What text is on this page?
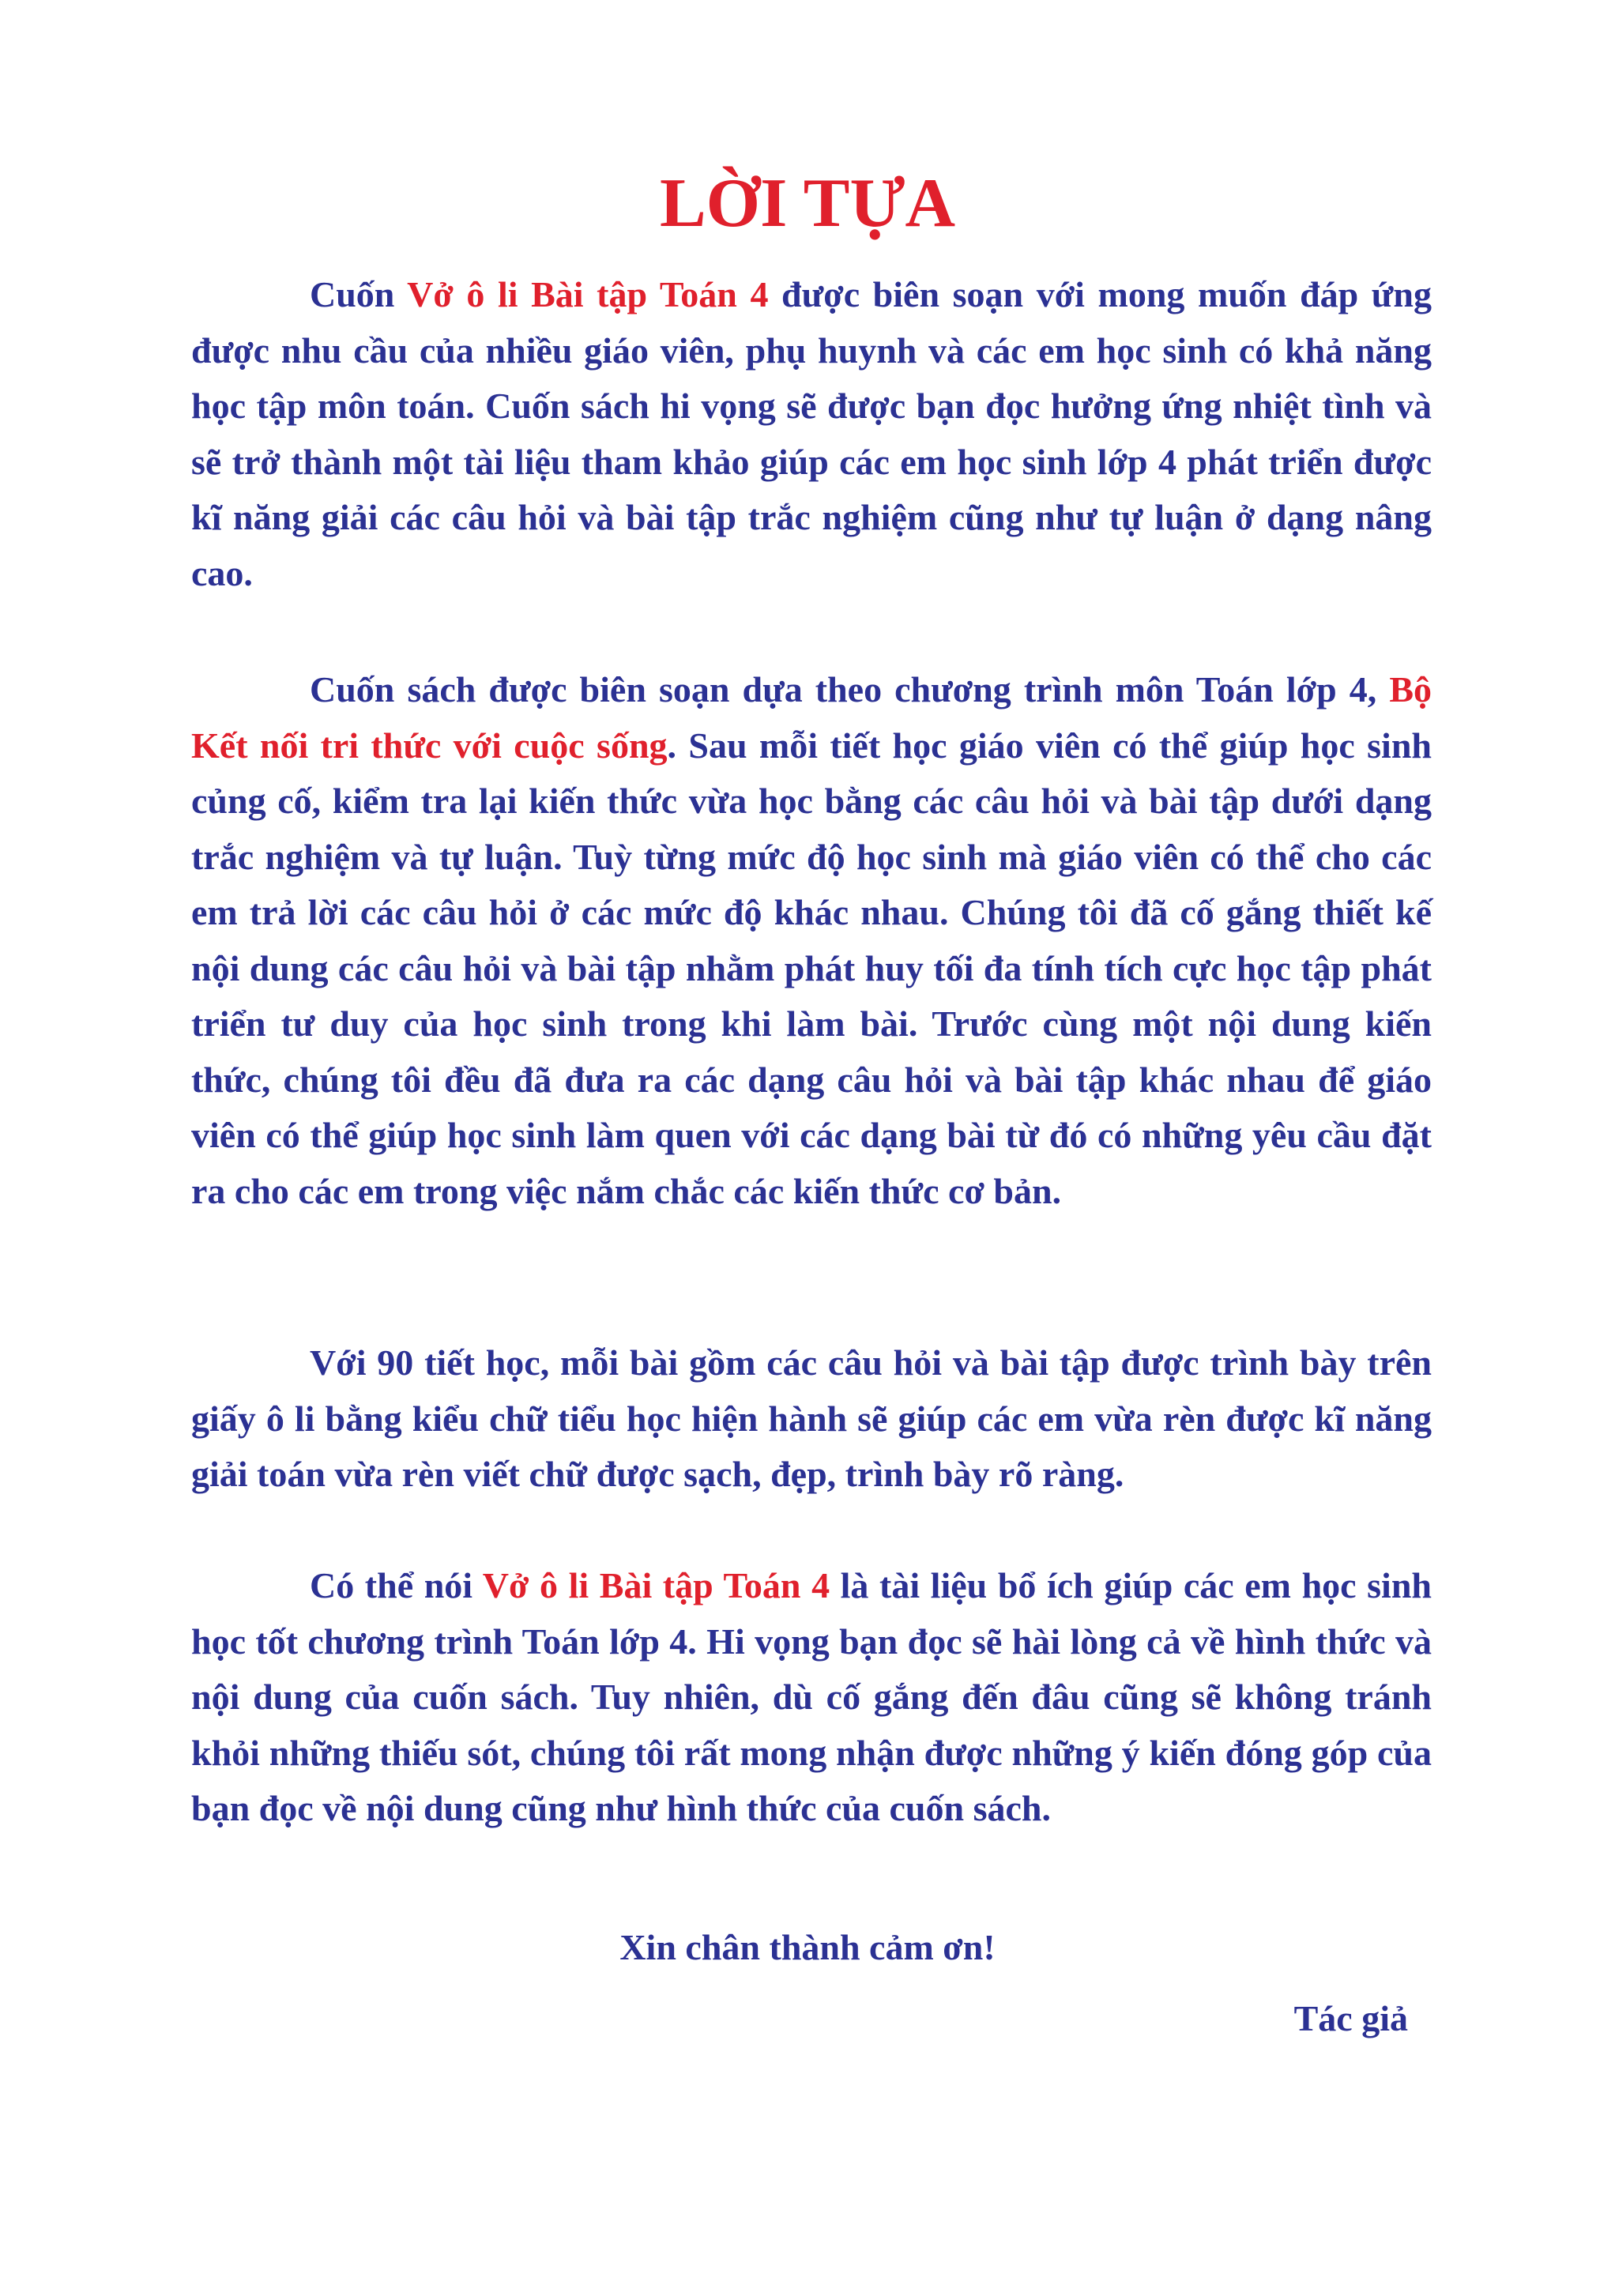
LỜI TỰA

Cuốn Vở ô li Bài tập Toán 4 được biên soạn với mong muốn đáp ứng được nhu cầu của nhiều giáo viên, phụ huynh và các em học sinh có khả năng học tập môn toán. Cuốn sách hi vọng sẽ được bạn đọc hưởng ứng nhiệt tình và sẽ trở thành một tài liệu tham khảo giúp các em học sinh lớp 4 phát triển được kĩ năng giải các câu hỏi và bài tập trắc nghiệm cũng như tự luận ở dạng nâng cao.

Cuốn sách được biên soạn dựa theo chương trình môn Toán lớp 4, Bộ Kết nối tri thức với cuộc sống. Sau mỗi tiết học giáo viên có thể giúp học sinh củng cố, kiểm tra lại kiến thức vừa học bằng các câu hỏi và bài tập dưới dạng trắc nghiệm và tự luận. Tuỳ từng mức độ học sinh mà giáo viên có thể cho các em trả lời các câu hỏi ở các mức độ khác nhau. Chúng tôi đã cố gắng thiết kế nội dung các câu hỏi và bài tập nhằm phát huy tối đa tính tích cực học tập phát triển tư duy của học sinh trong khi làm bài. Trước cùng một nội dung kiến thức, chúng tôi đều đã đưa ra các dạng câu hỏi và bài tập khác nhau để giáo viên có thể giúp học sinh làm quen với các dạng bài từ đó có những yêu cầu đặt ra cho các em trong việc nắm chắc các kiến thức cơ bản.

Với 90 tiết học, mỗi bài gồm các câu hỏi và bài tập được trình bày trên giấy ô li bằng kiểu chữ tiểu học hiện hành sẽ giúp các em vừa rèn được kĩ năng giải toán vừa rèn viết chữ được sạch, đẹp, trình bày rõ ràng.

Có thể nói Vở ô li Bài tập Toán 4 là tài liệu bổ ích giúp các em học sinh học tốt chương trình Toán lớp 4. Hi vọng bạn đọc sẽ hài lòng cả về hình thức và nội dung của cuốn sách. Tuy nhiên, dù cố gắng đến đâu cũng sẽ không tránh khỏi những thiếu sót, chúng tôi rất mong nhận được những ý kiến đóng góp của bạn đọc về nội dung cũng như hình thức của cuốn sách.

Xin chân thành cảm ơn!

Tác giả
